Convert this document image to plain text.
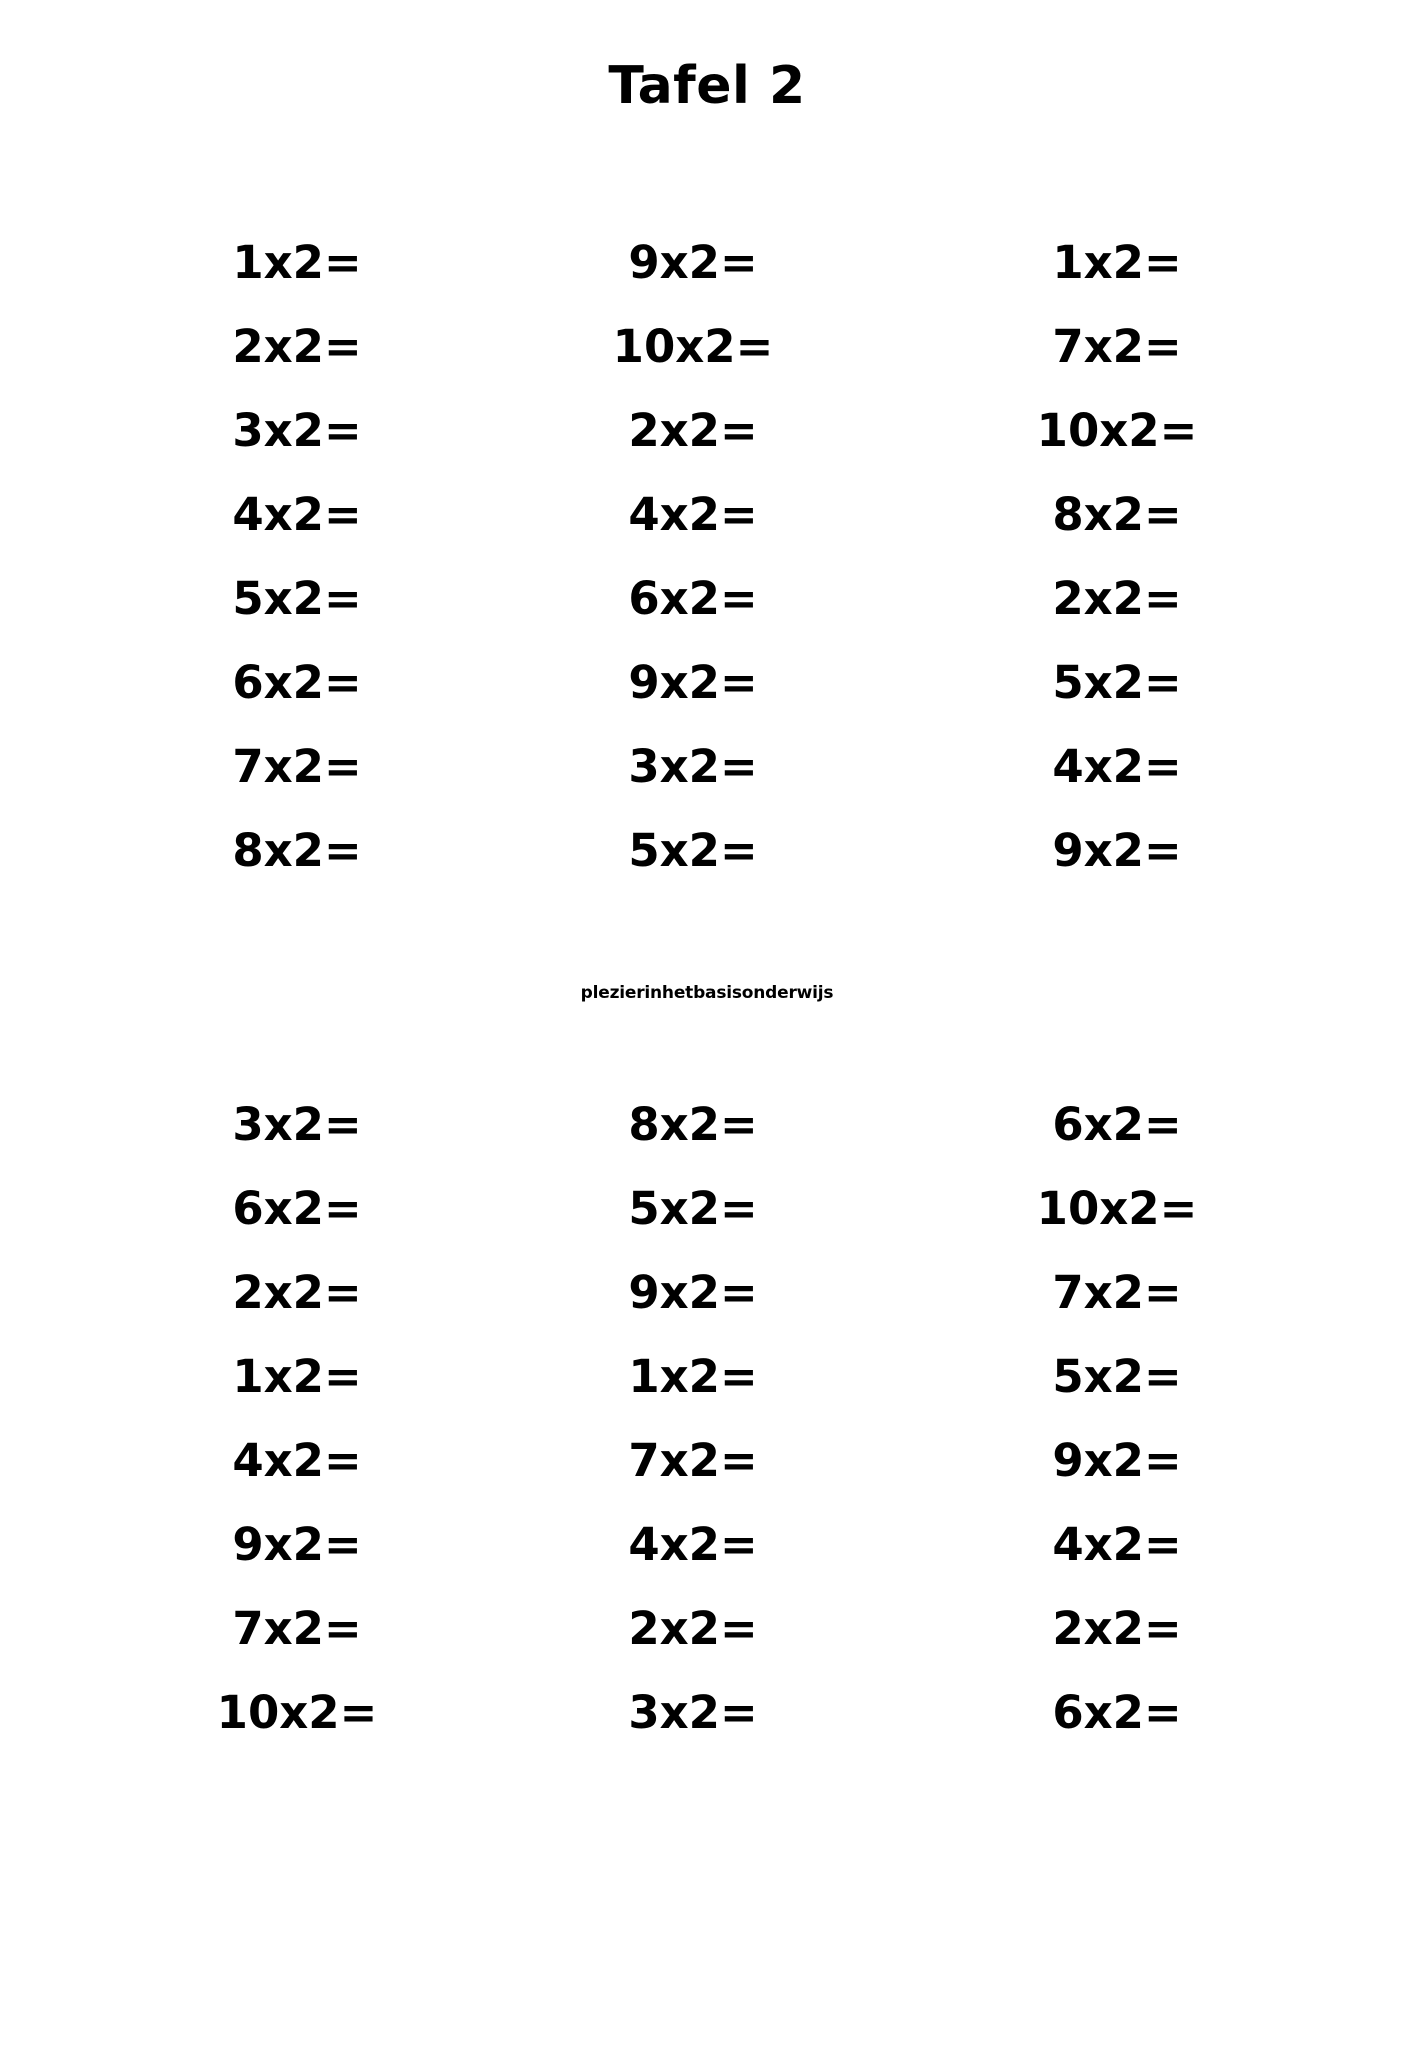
Tafel 2
1x2=
2x2=
3x2=
4x2=
5x2=
6x2=
7x2=
8x2=
9x2=
10x2=
2x2=
4x2=
6x2=
9x2=
3x2=
5x2=
1x2=
7x2=
10x2=
8x2=
2x2=
5x2=
4x2=
9x2=
plezierinhetbasisonderwijs
3x2=
6x2=
2x2=
1x2=
4x2=
9x2=
7x2=
10x2=
8x2=
5x2=
9x2=
1x2=
7x2=
4x2=
2x2=
3x2=
6x2=
10x2=
7x2=
5x2=
9x2=
4x2=
2x2=
6x2=
